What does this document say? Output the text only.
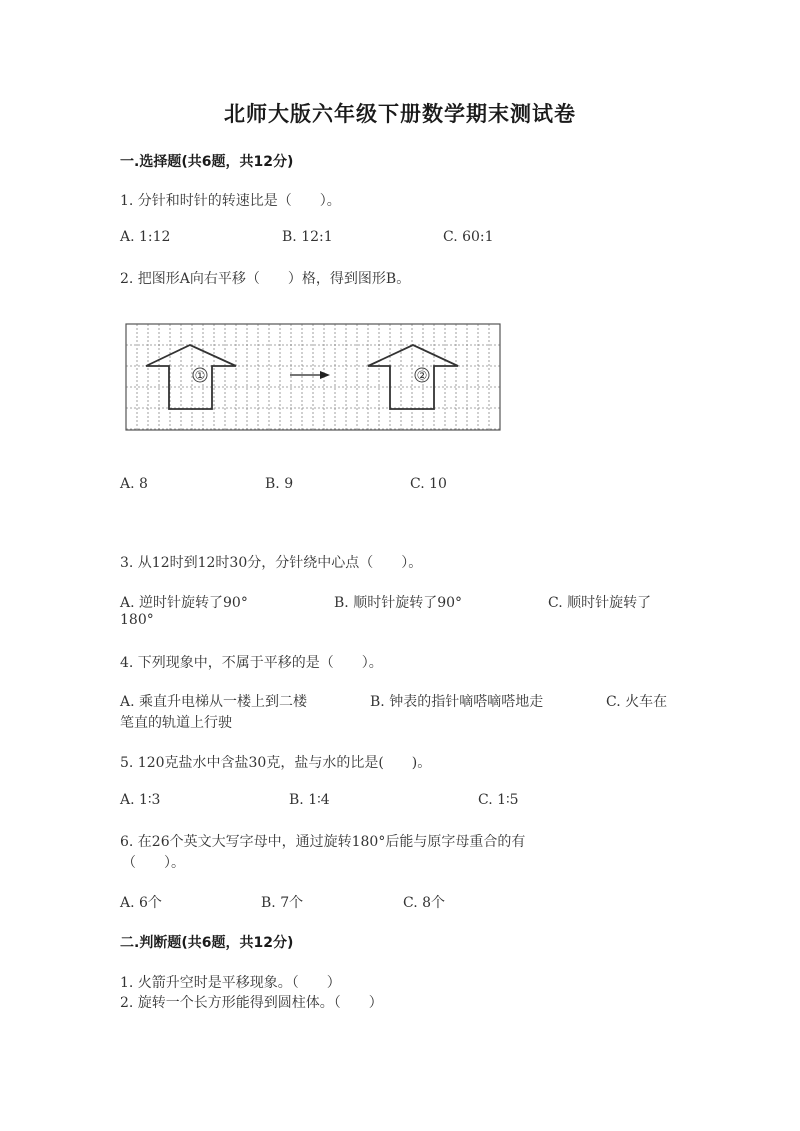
北师大版六年级下册数学期末测试卷
一.选择题(共6题，共12分)
1. 分针和时针的转速比是（　　）。
A. 1:12	B. 12:1	C. 60:1
2. 把图形A向右平移（　　）格，得到图形B。
①	②
A. 8	B. 9	C. 10
3. 从12时到12时30分，分针绕中心点（　　）。
A. 逆时针旋转了90°	B. 顺时针旋转了90°	C. 顺时针旋转了
180°
4. 下列现象中，不属于平移的是（　　）。
A. 乘直升电梯从一楼上到二楼	B. 钟表的指针嘀嗒嘀嗒地走	C. 火车在
笔直的轨道上行驶
5. 120克盐水中含盐30克，盐与水的比是(　　)。
A. 1∶3	B. 1∶4	C. 1∶5
6. 在26个英文大写字母中，通过旋转180°后能与原字母重合的有
（　　）。
A. 6个	B. 7个	C. 8个
二.判断题(共6题，共12分)
1. 火箭升空时是平移现象。（　　）
2. 旋转一个长方形能得到圆柱体。（　　）
